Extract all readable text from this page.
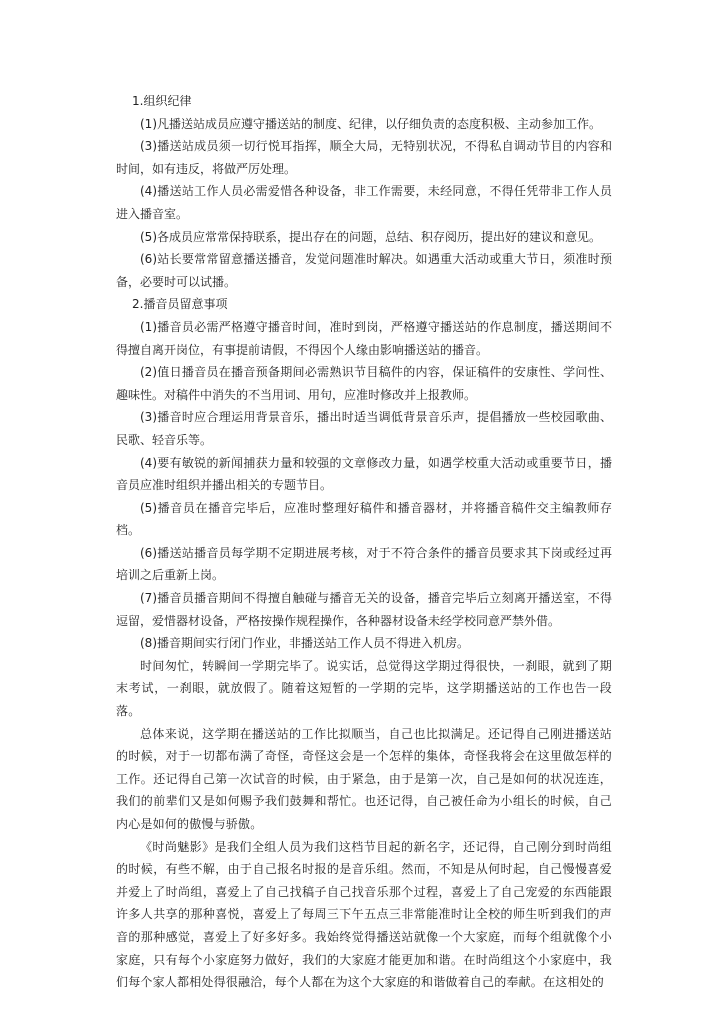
1.组织纪律

(1)凡播送站成员应遵守播送站的制度、纪律，以仔细负责的态度积极、主动参加工作。

(3)播送站成员须一切行悦耳指挥，顺全大局，无特别状况，不得私自调动节目的内容和时间，如有违反，将做严厉处理。

(4)播送站工作人员必需爱惜各种设备，非工作需要，未经同意，不得任凭带非工作人员进入播音室。

(5)各成员应常常保持联系，提出存在的问题，总结、积存阅历，提出好的建议和意见。

(6)站长要常常留意播送播音，发觉问题准时解决。如遇重大活动或重大节日，须准时预备，必要时可以试播。

2.播音员留意事项

(1)播音员必需严格遵守播音时间，准时到岗，严格遵守播送站的作息制度，播送期间不得擅自离开岗位，有事提前请假，不得因个人缘由影响播送站的播音。

(2)值日播音员在播音预备期间必需熟识节目稿件的内容，保证稿件的安康性、学问性、趣味性。对稿件中消失的不当用词、用句，应准时修改并上报教师。

(3)播音时应合理运用背景音乐，播出时适当调低背景音乐声，提倡播放一些校园歌曲、民歌、轻音乐等。

(4)要有敏锐的新闻捕获力量和较强的文章修改力量，如遇学校重大活动或重要节日，播音员应准时组织并播出相关的专题节目。

(5)播音员在播音完毕后，应准时整理好稿件和播音器材，并将播音稿件交主编教师存档。

(6)播送站播音员每学期不定期进展考核，对于不符合条件的播音员要求其下岗或经过再培训之后重新上岗。

(7)播音员播音期间不得擅自触碰与播音无关的设备，播音完毕后立刻离开播送室，不得逗留，爱惜器材设备，严格按操作规程操作，各种器材设备未经学校同意严禁外借。

(8)播音期间实行闭门作业，非播送站工作人员不得进入机房。

时间匆忙，转瞬间一学期完毕了。说实话，总觉得这学期过得很快，一刹眼，就到了期末考试，一刹眼，就放假了。随着这短暂的一学期的完毕，这学期播送站的工作也告一段落。

总体来说，这学期在播送站的工作比拟顺当，自己也比拟满足。还记得自己刚进播送站的时候，对于一切都布满了奇怪，奇怪这会是一个怎样的集体，奇怪我将会在这里做怎样的工作。还记得自己第一次试音的时候，由于紧急，由于是第一次，自己是如何的状况连连，我们的前辈们又是如何赐予我们鼓舞和帮忙。也还记得，自己被任命为小组长的时候，自己内心是如何的傲慢与骄傲。

《时尚魅影》是我们全组人员为我们这档节目起的新名字，还记得，自己刚分到时尚组的时候，有些不解，由于自己报名时报的是音乐组。然而，不知是从何时起，自己慢慢喜爱并爱上了时尚组，喜爱上了自己找稿子自己找音乐那个过程，喜爱上了自己宠爱的东西能跟许多人共享的那种喜悦，喜爱上了每周三下午五点三非常能准时让全校的师生听到我们的声音的那种感觉，喜爱上了好多好多。我始终觉得播送站就像一个大家庭，而每个组就像个小家庭，只有每个小家庭努力做好，我们的大家庭才能更加和谐。在时尚组这个小家庭中，我们每个家人都相处得很融洽，每个人都在为这个大家庭的和谐做着自己的奉献。在这相处的
